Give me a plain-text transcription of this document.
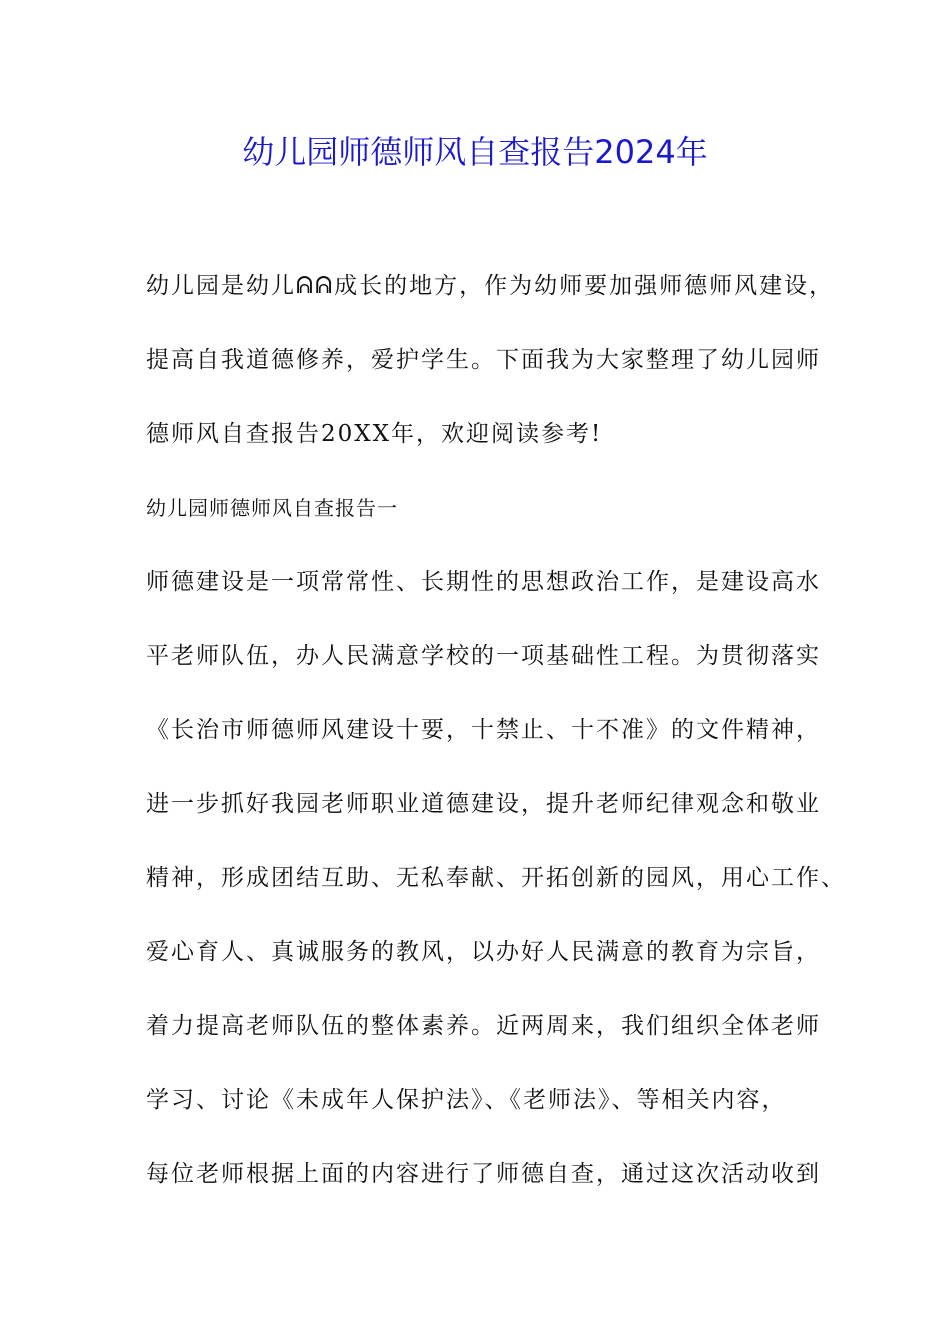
幼儿园师德师风自查报告2024年
幼儿园是幼儿ᕱᕱ成长的地方，作为幼师要加强师德师风建设，
提高自我道德修养，爱护学生。下面我为大家整理了幼儿园师
德师风自查报告20XX年，欢迎阅读参考!
幼儿园师德师风自查报告一
师德建设是一项常常性、长期性的思想政治工作，是建设高水
平老师队伍，办人民满意学校的一项基础性工程。为贯彻落实
《长治市师德师风建设十要，十禁止、十不准》的文件精神，
进一步抓好我园老师职业道德建设，提升老师纪律观念和敬业
精神，形成团结互助、无私奉献、开拓创新的园风，用心工作、
爱心育人、真诚服务的教风，以办好人民满意的教育为宗旨，
着力提高老师队伍的整体素养。近两周来，我们组织全体老师
学习、讨论《未成年人保护法》、《老师法》、等相关内容，
每位老师根据上面的内容进行了师德自查，通过这次活动收到
